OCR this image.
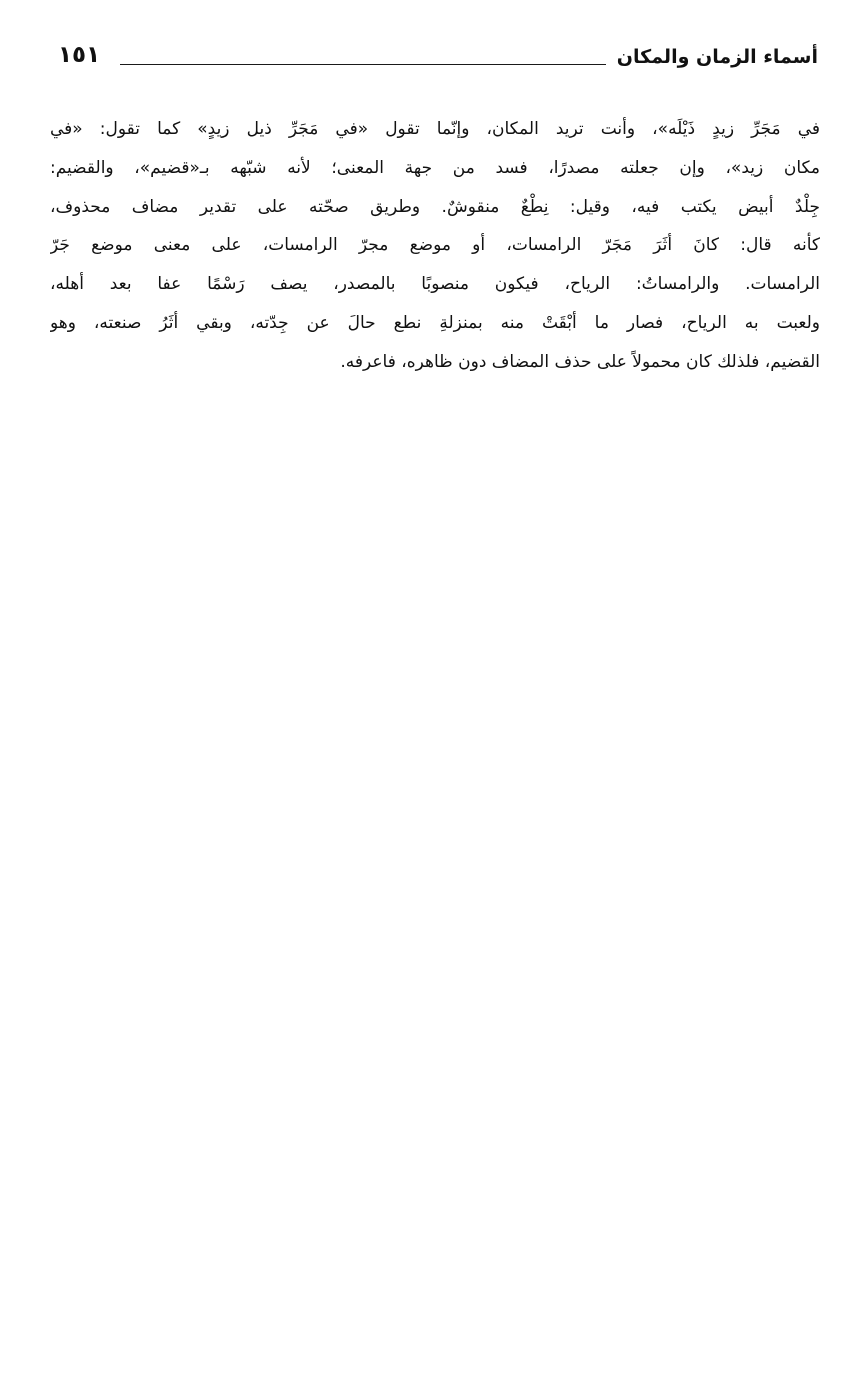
أسماء الزمان والمكان
١٥١
في مَجَرِّ زيدٍ ذَيْلَه»، وأنت تريد المكان، وإنّما تقول «في مَجَرِّ ذيل زيدٍ» كما تقول: «في
مكان زيد»، وإن جعلته مصدرًا، فسد من جهة المعنى؛ لأنه شبّهه بـ«قضيم»، والقضيم:
جِلْدٌ أبيض يكتب فيه، وقيل: نِطْعٌ منقوشٌ. وطريق صحّته على تقدير مضاف محذوف،
كأنه قال: كانَ أثَرَ مَجَرّ الرامسات، أو موضع مجرّ الرامسات، على معنى موضع جَرّ
الرامسات. والرامساتُ: الرياح، فيكون منصوبًا بالمصدر، يصف رَسْمًا عفا بعد أهله،
ولعبت به الرياح، فصار ما أبْقَتْ منه بمنزلةِ نطع حالَ عن جِدّته، وبقي أثَرُ صنعته، وهو
القضيم، فلذلك كان محمولاً على حذف المضاف دون ظاهره، فاعرفه.
